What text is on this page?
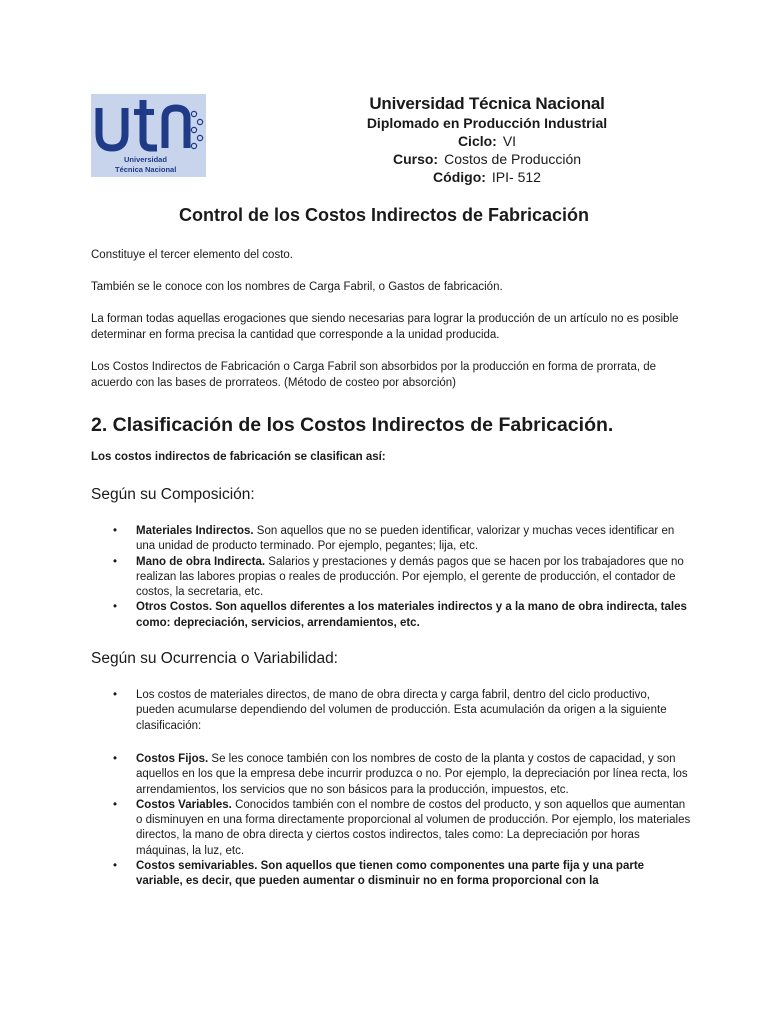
Universidad
Técnica Nacional
Universidad Técnica Nacional
Diplomado en Producción Industrial
Ciclo: VI
Curso: Costos de Producción
Código: IPI- 512
Control de los Costos Indirectos de Fabricación
Constituye el tercer elemento del costo.
También se le conoce con los nombres de Carga Fabril, o Gastos de fabricación.
La forman todas aquellas erogaciones que siendo necesarias para lograr la producción de un artículo no es posible determinar en forma precisa la cantidad que corresponde a la unidad producida.
Los Costos Indirectos de Fabricación o Carga Fabril son absorbidos por la producción en forma de prorrata, de acuerdo con las bases de prorrateos. (Método de costeo por absorción)
2. Clasificación de los Costos Indirectos de Fabricación.
Los costos indirectos de fabricación se clasifican así:
Según su Composición:
• Materiales Indirectos. Son aquellos que no se pueden identificar, valorizar y muchas veces identificar en una unidad de producto terminado. Por ejemplo, pegantes; lija, etc.
• Mano de obra Indirecta. Salarios y prestaciones y demás pagos que se hacen por los trabajadores que no realizan las labores propias o reales de producción. Por ejemplo, el gerente de producción, el contador de costos, la secretaria, etc.
• Otros Costos. Son aquellos diferentes a los materiales indirectos y a la mano de obra indirecta, tales como: depreciación, servicios, arrendamientos, etc.
Según su Ocurrencia o Variabilidad:
• Los costos de materiales directos, de mano de obra directa y carga fabril, dentro del ciclo productivo, pueden acumularse dependiendo del volumen de producción. Esta acumulación da origen a la siguiente clasificación:
• Costos Fijos. Se les conoce también con los nombres de costo de la planta y costos de capacidad, y son aquellos en los que la empresa debe incurrir produzca o no. Por ejemplo, la depreciación por línea recta, los arrendamientos, los servicios que no son básicos para la producción, impuestos, etc.
• Costos Variables. Conocidos también con el nombre de costos del producto, y son aquellos que aumentan o disminuyen en una forma directamente proporcional al volumen de producción. Por ejemplo, los materiales directos, la mano de obra directa y ciertos costos indirectos, tales como: La depreciación por horas máquinas, la luz, etc.
• Costos semivariables. Son aquellos que tienen como componentes una parte fija y una parte variable, es decir, que pueden aumentar o disminuir no en forma proporcional con la
